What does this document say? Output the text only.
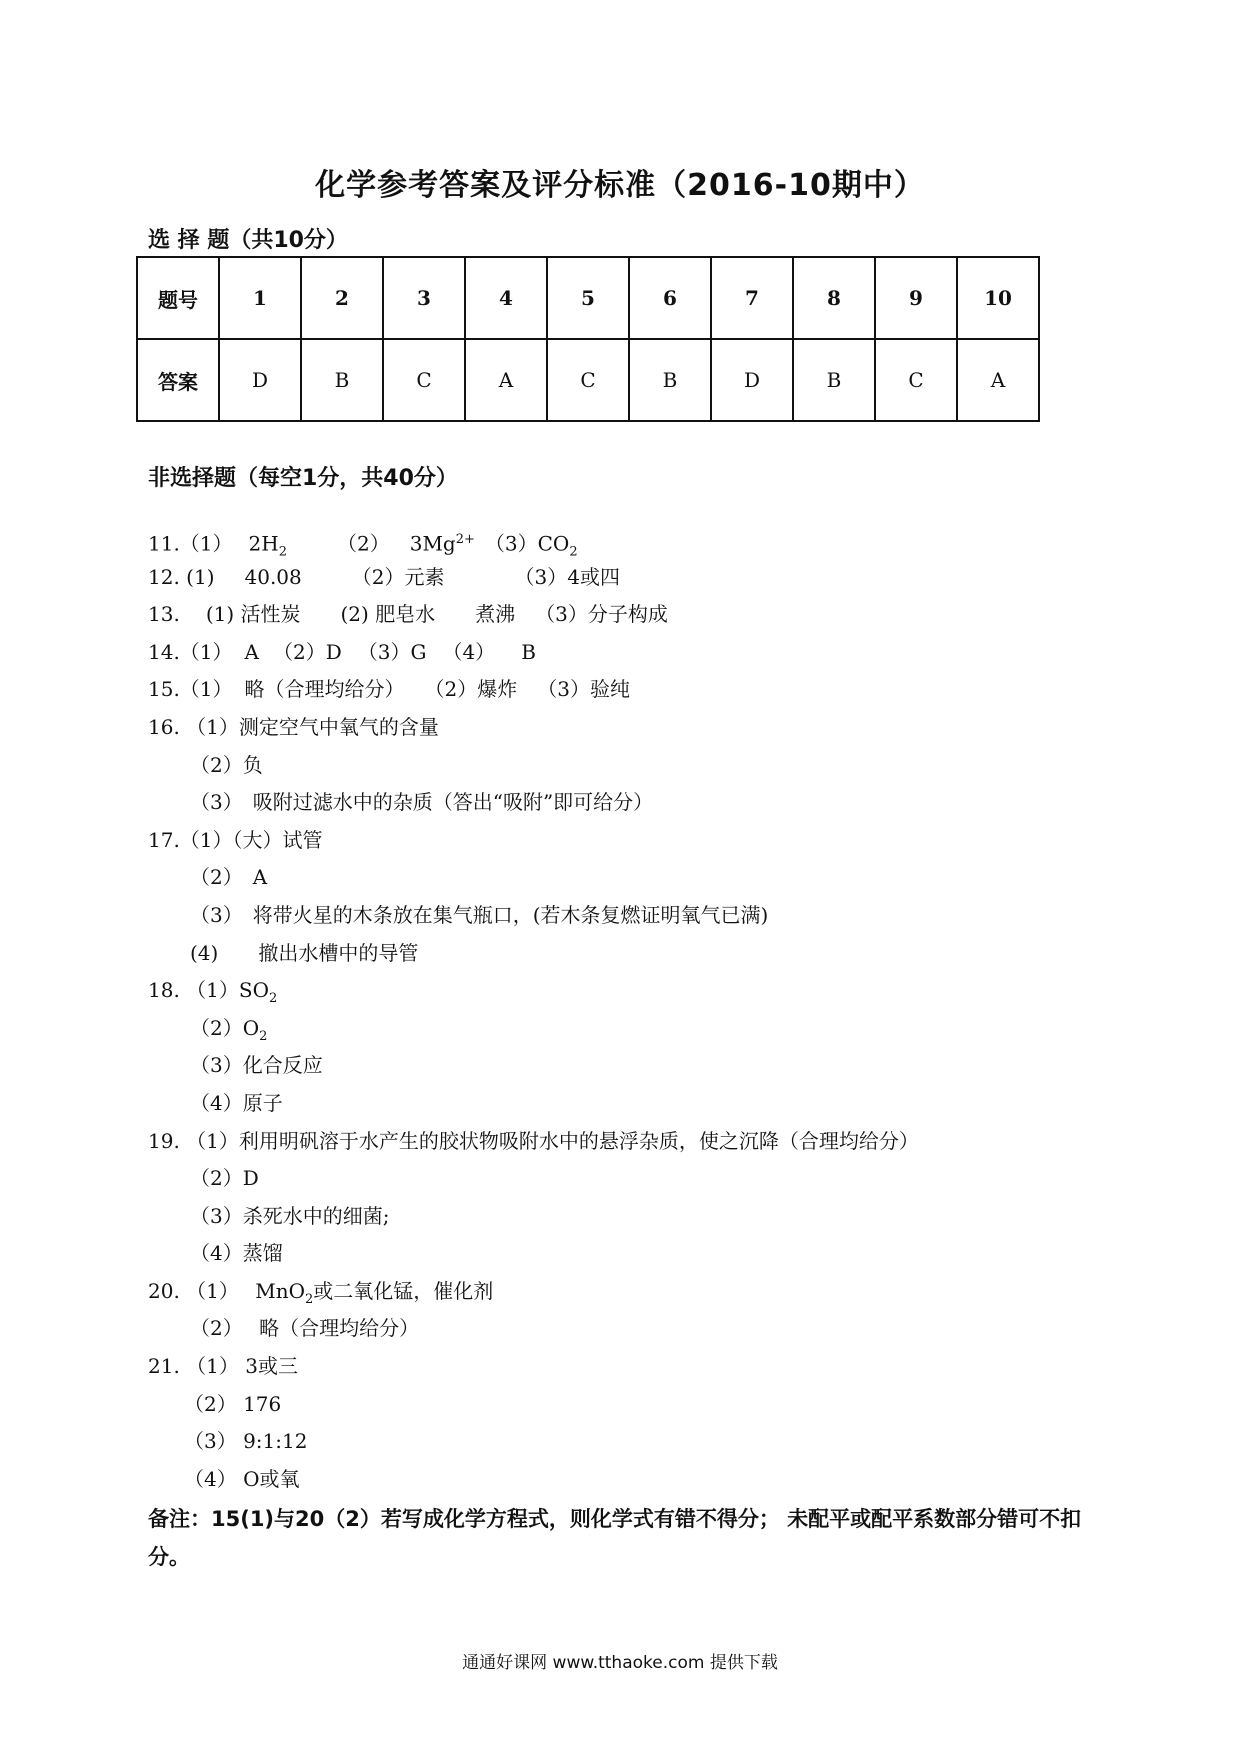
化学参考答案及评分标准（2016-10期中）
选 择 题（共10分）
题号	1	2	3	4	5	6	7	8	9	10
答案	D	B	C	A	C	B	D	B	C	A
非选择题（每空1分，共40分）
11.（1） $2H_2$	（2） $3Mg^{2+}$ $(3)CO_2$
12. (1) 40.08	（2）元素	（3）4或四
13. (1) 活性炭 (2) 肥皂水 煮沸 （3）分子构成
14.（1） A （2）D （3）G （4） B
15.（1） 略（合理均给分） （2）爆炸 （3）验纯
16. （1）测定空气中氧气的含量
（2）负
（3）　吸附过滤水中的杂质（答出“吸附”即可给分）
17.（1）（大）试管
（2）　A
（3）　将带火星的木条放在集气瓶口，(若木条复燃证明氧气已满)
(4)　　撤出水槽中的导管
18. $(1)SO_2$
$(2)O_2$
（3）化合反应
（4）原子
19. （1）利用明矾溶于水产生的胶状物吸附水中的悬浮杂质，使之沉降（合理均给分）
（2）D
（3）杀死水中的细菌;
（4）蒸馏
20. （1）　 MnO$_2$或二氧化锰，催化剂
（2）　 略（合理均给分）
21. （1） 3或三
（2） 176
（3） 9:1:12
（4） O或氧
备注：15(1)与20（2）若写成化学方程式，则化学式有错不得分； 未配平或配平系数部分错可不扣分。
通通好课网 www.tthaoke.com 提供下载
